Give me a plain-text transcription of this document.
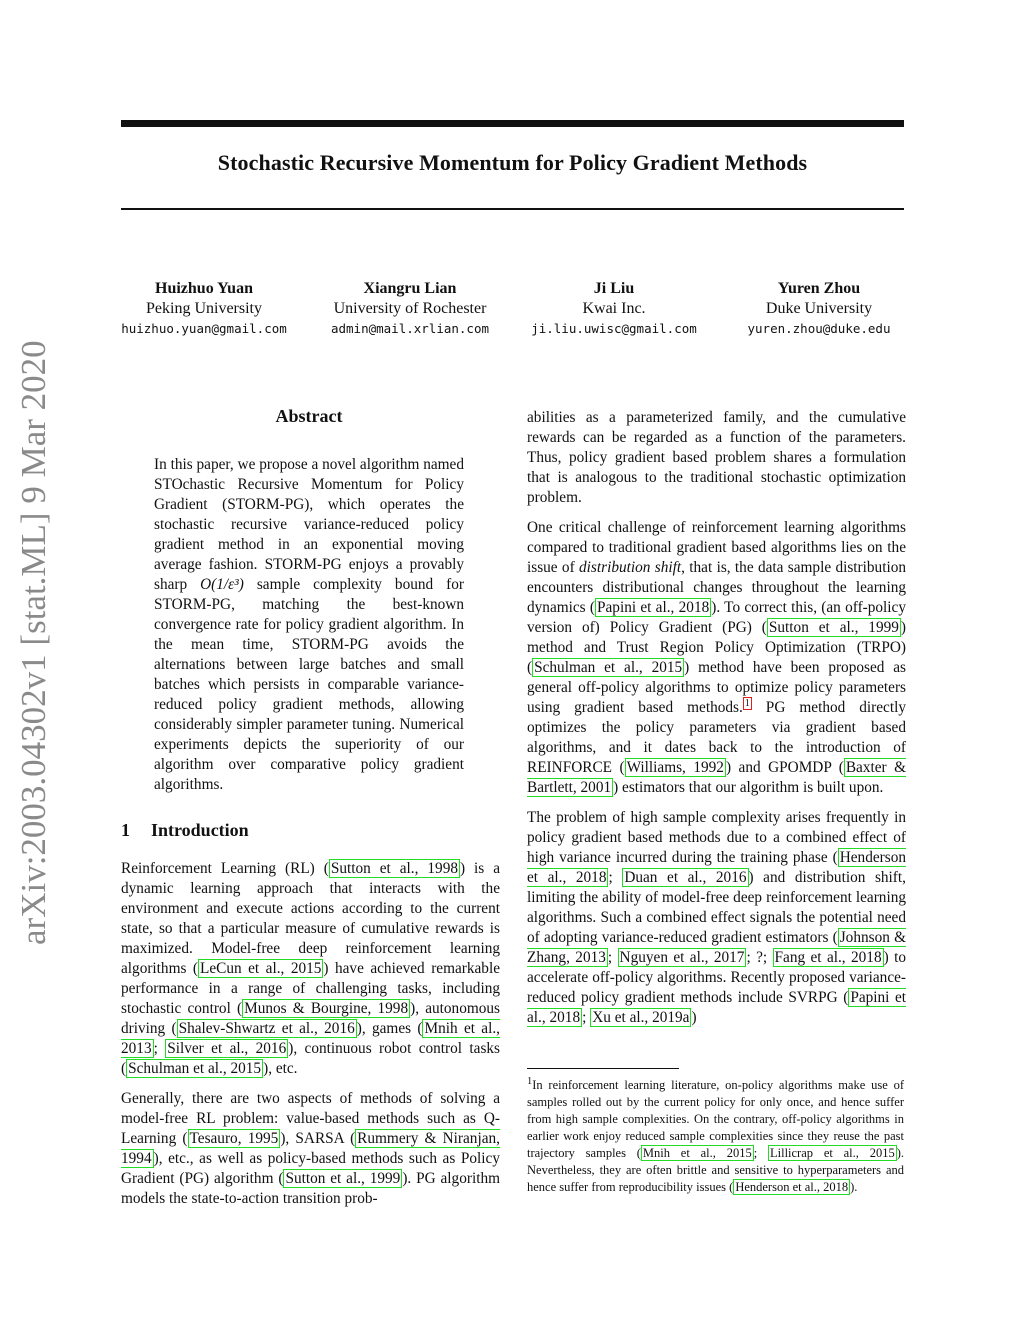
arXiv:2003.04302v1 [stat.ML] 9 Mar 2020
Stochastic Recursive Momentum for Policy Gradient Methods
Huizhuo Yuan
Peking University
huizhuo.yuan@gmail.com
Xiangru Lian
University of Rochester
admin@mail.xrlian.com
Ji Liu
Kwai Inc.
ji.liu.uwisc@gmail.com
Yuren Zhou
Duke University
yuren.zhou@duke.edu
Abstract
In this paper, we propose a novel algorithm named STOchastic Recursive Momentum for Policy Gradient (STORM-PG), which operates the stochastic recursive variance-reduced policy gradient method in an exponential moving average fashion. STORM-PG enjoys a provably sharp O(1/ε³) sample complexity bound for STORM-PG, matching the best-known convergence rate for policy gradient algorithm. In the mean time, STORM-PG avoids the alternations between large batches and small batches which persists in comparable variance-reduced policy gradient methods, allowing considerably simpler parameter tuning. Numerical experiments depicts the superiority of our algorithm over comparative policy gradient algorithms.
1 Introduction

Reinforcement Learning (RL) ( Sutton et al., 1998 ) is a dynamic learning approach that interacts with the environment and execute actions according to the current state, so that a particular measure of cumulative rewards is maximized. Model-free deep reinforcement learning algorithms ( LeCun et al., 2015 ) have achieved remarkable performance in a range of challenging tasks, including stochastic control ( Munos & Bourgine, 1998 ), autonomous driving ( Shalev-Shwartz et al., 2016 ), games ( Mnih et al., 2013 ; Silver et al., 2016 ), continuous robot control tasks ( Schulman et al., 2015 ), etc.

Generally, there are two aspects of methods of solving a model-free RL problem: value-based methods such as Q-Learning ( Tesauro, 1995 ), SARSA ( Rummery & Niranjan, 1994 ), etc., as well as policy-based methods such as Policy Gradient (PG) algorithm ( Sutton et al., 1999 ). PG algorithm models the state-to-action transition prob-

abilities as a parameterized family, and the cumulative rewards can be regarded as a function of the parameters. Thus, policy gradient based problem shares a formulation that is analogous to the traditional stochastic optimization problem.

One critical challenge of reinforcement learning algorithms compared to traditional gradient based algorithms lies on the issue of distribution shift, that is, the data sample distribution encounters distributional changes throughout the learning dynamics ( Papini et al., 2018 ). To correct this, (an off-policy version of) Policy Gradient (PG) ( Sutton et al., 1999 ) method and Trust Region Policy Optimization (TRPO) ( Schulman et al., 2015 ) method have been proposed as general off-policy algorithms to optimize policy parameters using gradient based methods. $^1$ PG method directly optimizes the policy parameters via gradient based algorithms, and it dates back to the introduction of REINFORCE ( Williams, 1992 ) and GPOMDP ( Baxter & Bartlett, 2001 ) estimators that our algorithm is built upon.

The problem of high sample complexity arises frequently in policy gradient based methods due to a combined effect of high variance incurred during the training phase ( Henderson et al., 2018 ; Duan et al., 2016 ) and distribution shift, limiting the ability of model-free deep reinforcement learning algorithms. Such a combined effect signals the potential need of adopting variance-reduced gradient estimators ( Johnson & Zhang, 2013 ; Nguyen et al., 2017 ; ?; Fang et al., 2018 ) to accelerate off-policy algorithms. Recently proposed variance-reduced policy gradient methods include SVRPG ( Papini et al., 2018 ; Xu et al., 2019a )

$^1$In reinforcement learning literature, on-policy algorithms make use of samples rolled out by the current policy for only once, and hence suffer from high sample complexities. On the contrary, off-policy algorithms in earlier work enjoy reduced sample complexities since they reuse the past trajectory samples ( Mnih et al., 2015 ; Lillicrap et al., 2015 ). Nevertheless, they are often brittle and sensitive to hyperparameters and hence suffer from reproducibility issues ( Henderson et al., 2018 ).
